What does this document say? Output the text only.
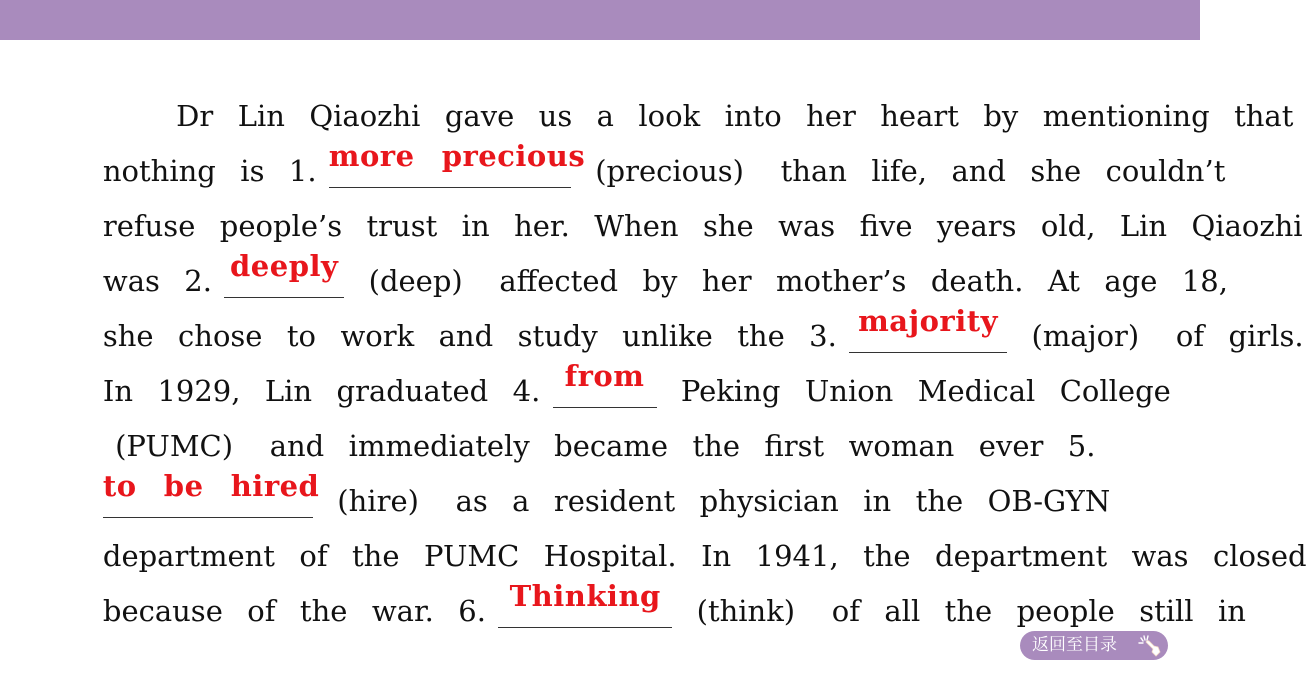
Dr  Lin  Qiaozhi  gave  us  a  look  into  her  heart  by  mentioning  that

nothing  is  1. more  precious
(precious)   than  life,  and  she  couldn’t

refuse  people’s  trust  in  her.  When  she  was  five  years  old,  Lin  Qiaozhi

was  2. deeply (deep)   affected  by  her  mother’s  death.  At  age  18,

she  chose  to  work  and  study  unlike  the  3. majority (major)   of  girls.

In  1929,  Lin  graduated  4. from Peking  Union  Medical  College

(PUMC)   and  immediately  became  the  first  woman  ever  5.

to  be  hired
(hire)   as  a  resident  physician  in  the  OB-GYN

department  of  the  PUMC  Hospital.  In  1941,  the  department  was  closed

because  of  the  war.  6. Thinking (think)   of  all  the  people  still  in

返回至目录
